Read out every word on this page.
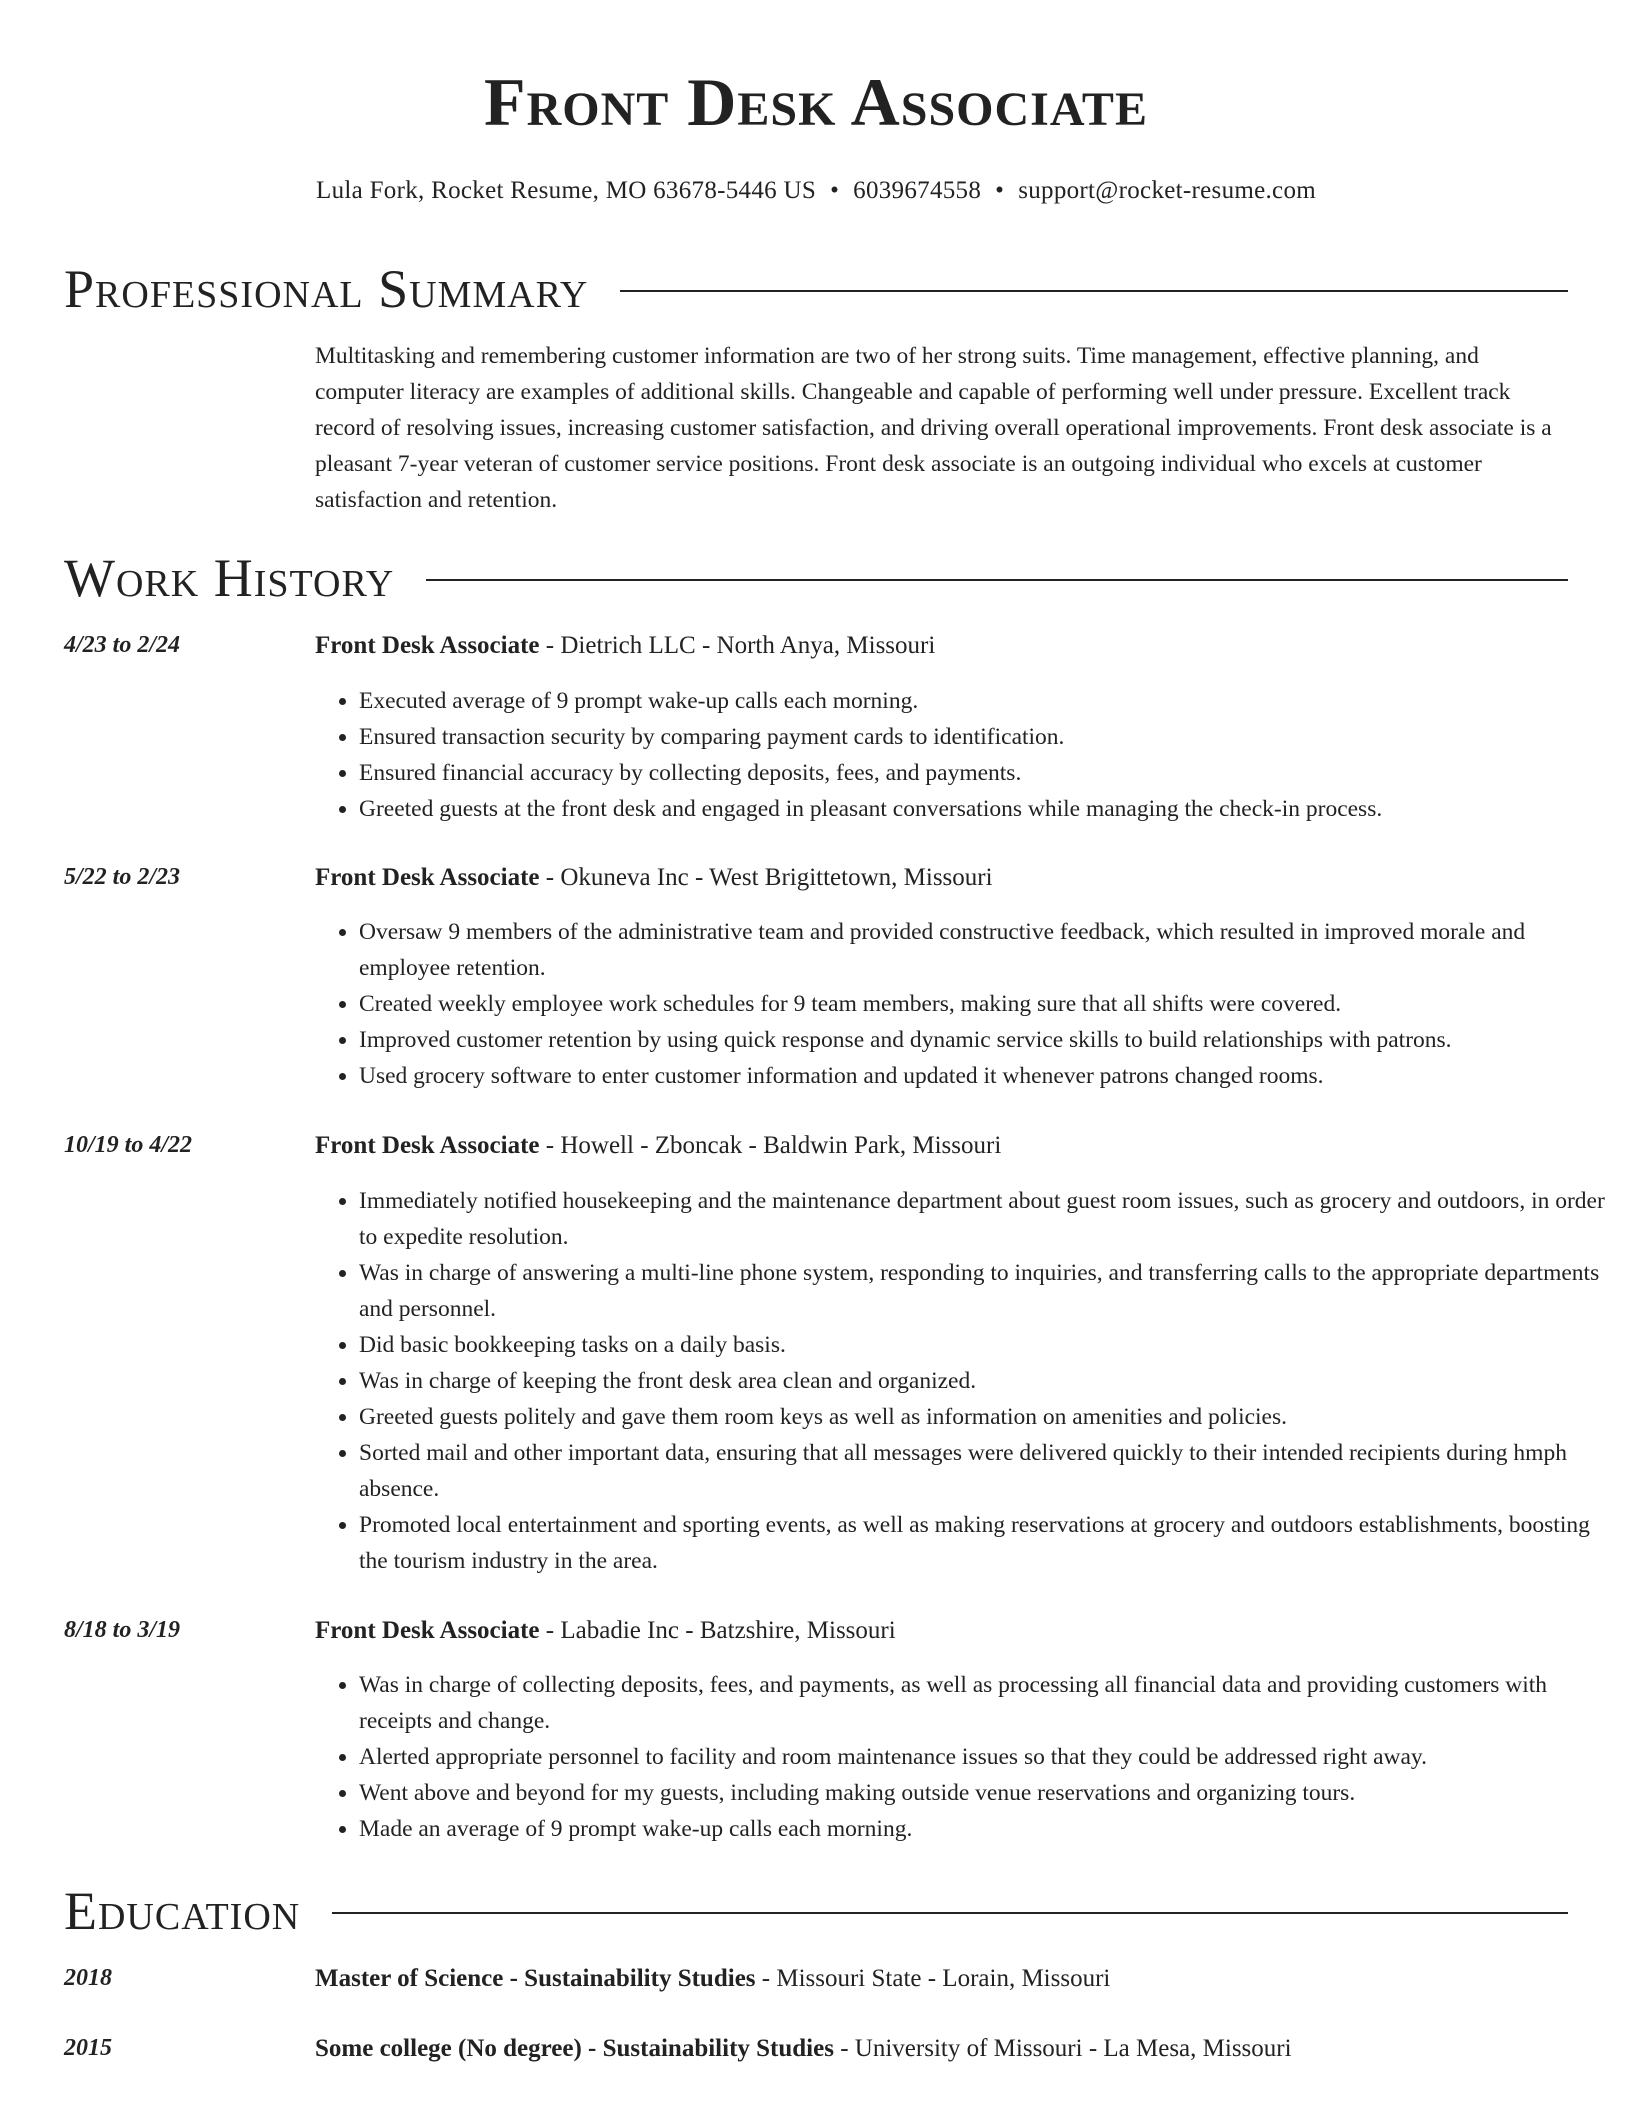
Front Desk Associate
Lula Fork, Rocket Resume, MO 63678-5446 US • 6039674558 • support@rocket-resume.com
Professional Summary

Multitasking and remembering customer information are two of her strong suits. Time management, effective planning, and computer literacy are examples of additional skills. Changeable and capable of performing well under pressure. Excellent track record of resolving issues, increasing customer satisfaction, and driving overall operational improvements. Front desk associate is a pleasant 7-year veteran of customer service positions. Front desk associate is an outgoing individual who excels at customer satisfaction and retention.

Work History
4/23 to 2/24	Front Desk Associate - Dietrich LLC - North Anya, Missouri
• Executed average of 9 prompt wake-up calls each morning.
• Ensured transaction security by comparing payment cards to identification.
• Ensured financial accuracy by collecting deposits, fees, and payments.
• Greeted guests at the front desk and engaged in pleasant conversations while managing the check-in process.
5/22 to 2/23	Front Desk Associate - Okuneva Inc - West Brigittetown, Missouri
• Oversaw 9 members of the administrative team and provided constructive feedback, which resulted in improved morale and employee retention.
• Created weekly employee work schedules for 9 team members, making sure that all shifts were covered.
• Improved customer retention by using quick response and dynamic service skills to build relationships with patrons.
• Used grocery software to enter customer information and updated it whenever patrons changed rooms.
10/19 to 4/22	Front Desk Associate - Howell - Zboncak - Baldwin Park, Missouri
• Immediately notified housekeeping and the maintenance department about guest room issues, such as grocery and outdoors, in order to expedite resolution.
• Was in charge of answering a multi-line phone system, responding to inquiries, and transferring calls to the appropriate departments and personnel.
• Did basic bookkeeping tasks on a daily basis.
• Was in charge of keeping the front desk area clean and organized.
• Greeted guests politely and gave them room keys as well as information on amenities and policies.
• Sorted mail and other important data, ensuring that all messages were delivered quickly to their intended recipients during hmph absence.
• Promoted local entertainment and sporting events, as well as making reservations at grocery and outdoors establishments, boosting the tourism industry in the area.
8/18 to 3/19	Front Desk Associate - Labadie Inc - Batzshire, Missouri
• Was in charge of collecting deposits, fees, and payments, as well as processing all financial data and providing customers with receipts and change.
• Alerted appropriate personnel to facility and room maintenance issues so that they could be addressed right away.
• Went above and beyond for my guests, including making outside venue reservations and organizing tours.
• Made an average of 9 prompt wake-up calls each morning.
Education
2018	Master of Science - Sustainability Studies - Missouri State - Lorain, Missouri
2015	Some college (No degree) - Sustainability Studies - University of Missouri - La Mesa, Missouri
